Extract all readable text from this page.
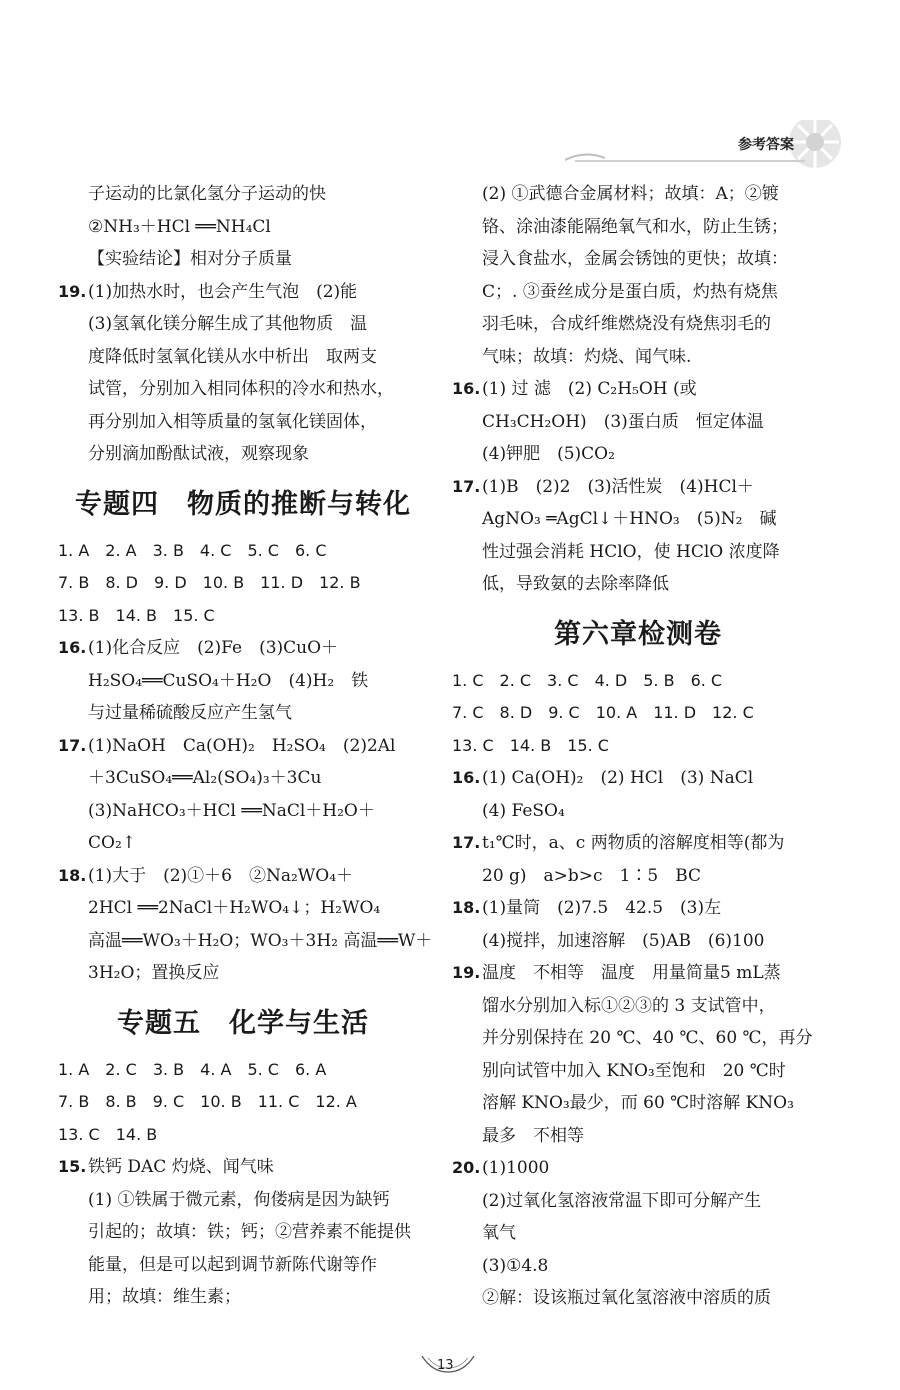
参考答案
子运动的比氯化氢分子运动的快
②NH₃＋HCl ══NH₄Cl
【实验结论】相对分子质量
19. (1)加热水时，也会产生气泡　(2)能
(3)氢氧化镁分解生成了其他物质　温
度降低时氢氧化镁从水中析出　取两支
试管，分别加入相同体积的冷水和热水，
再分别加入相等质量的氢氧化镁固体，
分别滴加酚酞试液，观察现象
专题四　物质的推断与转化
1. A　2. A　3. B　4. C　5. C　6. C
7. B　8. D　9. D　10. B　11. D　12. B
13. B　14. B　15. C
16. (1)化合反应　(2)Fe　(3)CuO＋
H₂SO₄══CuSO₄＋H₂O　(4)H₂　铁
与过量稀硫酸反应产生氢气
17. (1)NaOH　Ca(OH)₂　H₂SO₄　(2)2Al
＋3CuSO₄══Al₂(SO₄)₃＋3Cu
(3)NaHCO₃＋HCl ══NaCl＋H₂O＋
CO₂↑
18. (1)大于　(2)①＋6　②Na₂WO₄＋
2HCl ══2NaCl＋H₂WO₄↓；H₂WO₄
高温══WO₃＋H₂O；WO₃＋3H₂ 高温══W＋
3H₂O；置换反应
专题五　化学与生活
1. A　2. C　3. B　4. A　5. C　6. A
7. B　8. B　9. C　10. B　11. C　12. A
13. C　14. B
15. 铁钙 DAC 灼烧、闻气味
(1) ①铁属于微元素，佝偻病是因为缺钙
引起的；故填：铁；钙；②营养素不能提供
能量，但是可以起到调节新陈代谢等作
用；故填：维生素；
(2) ①武德合金属材料；故填：A；②镀
铬、涂油漆能隔绝氧气和水，防止生锈；
浸入食盐水，金属会锈蚀的更快；故填：
C；. ③蚕丝成分是蛋白质，灼热有烧焦
羽毛味，合成纤维燃烧没有烧焦羽毛的
气味；故填：灼烧、闻气味.
16. (1) 过 滤　(2) C₂H₅OH (或
CH₃CH₂OH)　(3)蛋白质　恒定体温
(4)钾肥　(5)CO₂
17. (1)B　(2)2　(3)活性炭　(4)HCl＋
AgNO₃ ═AgCl↓＋HNO₃　(5)N₂　碱
性过强会消耗 HClO，使 HClO 浓度降
低，导致氨的去除率降低
第六章检测卷
1. C　2. C　3. C　4. D　5. B　6. C
7. C　8. D　9. C　10. A　11. D　12. C
13. C　14. B　15. C
16. (1) Ca(OH)₂　(2) HCl　(3) NaCl
(4) FeSO₄
17. t₁℃时，a、c 两物质的溶解度相等(都为
20 g)　a>b>c　1∶5　BC
18. (1)量筒　(2)7.5　42.5　(3)左
(4)搅拌，加速溶解　(5)AB　(6)100
19. 温度　不相等　温度　用量简量5 mL蒸
馏水分别加入标①②③的 3 支试管中，
并分别保持在 20 ℃、40 ℃、60 ℃，再分
别向试管中加入 KNO₃至饱和　20 ℃时
溶解 KNO₃最少，而 60 ℃时溶解 KNO₃
最多　不相等
20. (1)1000
(2)过氧化氢溶液常温下即可分解产生
氧气
(3)①4.8
②解：设该瓶过氧化氢溶液中溶质的质
13
